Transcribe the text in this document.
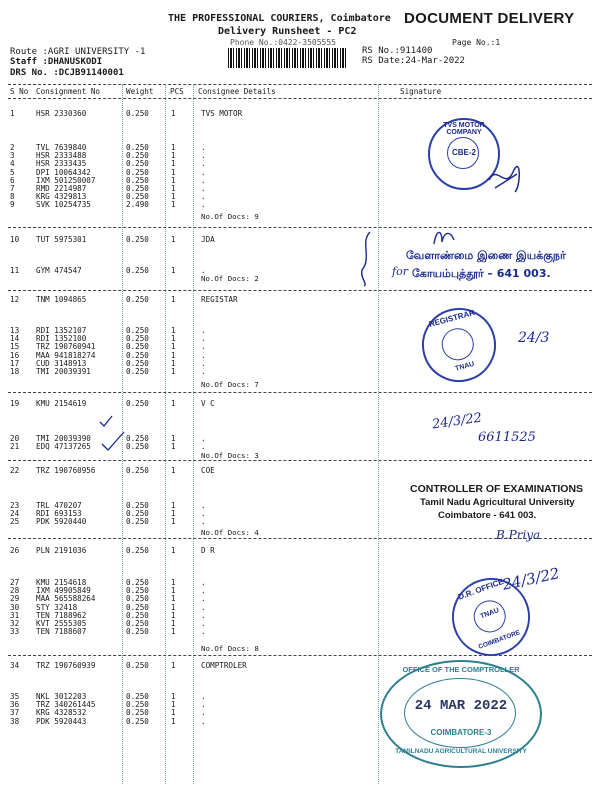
THE PROFESSIONAL COURIERS, Coimbatore DOCUMENT DELIVERY
Delivery Runsheet - PC2
Phone No.:0422-3505555	Page No.:1
Route :AGRI UNIVERSITY -1
Staff :DHANUSKODI
DRS No. :DCJB91140001
RS No.:911400
RS Date:24-Mar-2022
S No Consignment No	Weight PCS Consignee Details	Signature
1	HSR 2330360	0.250	1	TVS MOTOR
2	TVL 7639840	0.250	1	.
3	HSR 2333488	0.250	1	.
4	HSR 2333435	0.250	1	.
5	DPI 10064342	0.250	1	.
6	IXM 501250007	0.250	1	.
7	RMD 2214987	0.250	1	.
8	KRG 4329813	0.250	1	.
9	SVK 10254735	2.490	1	.
No.Of Docs: 9
10 TUT 5975301	0.250	1	JDA
11 GYM 474547	0.250	1	.
No.Of Docs: 2
12 TNM 1094865	0.250	1	REGISTAR
13 RDI 1352107	0.250	1	.
14 RDI 1352100	0.250	1	.
15 TRZ 190760941	0.250	1	.
16 MAA 941818274	0.250	1	.
17 CUD 3148913	0.250	1	.
18 TMI 20039391	0.250	1	.
No.Of Docs: 7
19 KMU 2154619	0.250	1	V C
20 TMI 20039390	0.250	1	.
21 EDQ 47137265	0.250	1	.
No.Of Docs: 3
22 TRZ 190760956	0.250	1	COE
23 TRL 470207	0.250	1	.
24 RDI 693153	0.250	1	.
25 PDK 5920440	0.250	1	.
No.Of Docs: 4
26 PLN 2191036	0.250	1	D R
27 KMU 2154618	0.250	1	.
28 IXM 49905849	0.250	1	.
29 MAA 565588264	0.250	1	.
30 STY 32418	0.250	1	.
31 TEN 7188962	0.250	1	.
32 KVT 2555305	0.250	1	.
33 TEN 7188607	0.250	1	.
No.Of Docs: 8
34 TRZ 190760939	0.250	1	COMPTROLER
35 NKL 3012203	0.250	1	.
36 TRZ 340261445	0.250	1	.
37 KRG 4328532	0.250	1	.
38 PDK 5920443	0.250	1	.
TVS MOTOR COMPANY
CBE-2
வேளாண்மை இணை இயக்குநர்
for கோயம்புத்தூர் – 641 003.
REGISTRAR
TNAU
24/3
24/3/22
6611525
CONTROLLER OF EXAMINATIONS
Tamil Nadu Agricultural University
Coimbatore - 641 003.
B.Priya
D.R. OFFICE
TNAU
COIMBATORE
24/3/22
OFFICE OF THE COMPTROLLER
24 MAR 2022
COIMBATORE-3
TAMILNADU AGRICULTURAL UNIVERSITY
